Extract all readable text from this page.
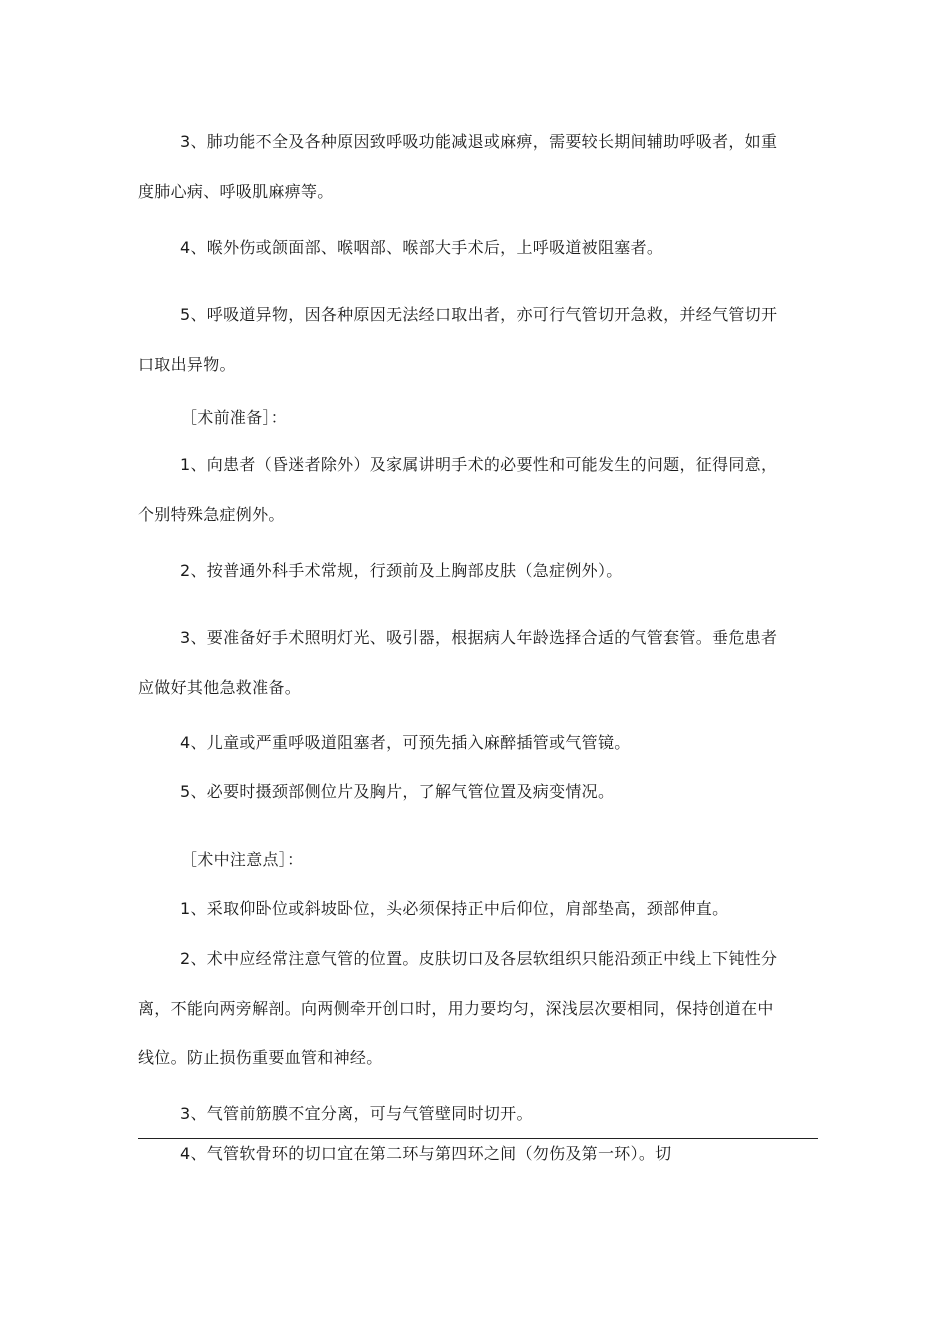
3、肺功能不全及各种原因致呼吸功能减退或麻痹，需要较长期间辅助呼吸者，如重
度肺心病、呼吸肌麻痹等。
4、喉外伤或颌面部、喉咽部、喉部大手术后，上呼吸道被阻塞者。
5、呼吸道异物，因各种原因无法经口取出者，亦可行气管切开急救，并经气管切开
口取出异物。
［术前准备］：
1、向患者（昏迷者除外）及家属讲明手术的必要性和可能发生的问题，征得同意，
个别特殊急症例外。
2、按普通外科手术常规，行颈前及上胸部皮肤（急症例外）。
3、要准备好手术照明灯光、吸引器，根据病人年龄选择合适的气管套管。垂危患者
应做好其他急救准备。
4、儿童或严重呼吸道阻塞者，可预先插入麻醉插管或气管镜。
5、必要时摄颈部侧位片及胸片，了解气管位置及病变情况。
［术中注意点］：
1、采取仰卧位或斜坡卧位，头必须保持正中后仰位，肩部垫高，颈部伸直。
2、术中应经常注意气管的位置。皮肤切口及各层软组织只能沿颈正中线上下钝性分
离，不能向两旁解剖。向两侧牵开创口时，用力要均匀，深浅层次要相同，保持创道在中
线位。防止损伤重要血管和神经。
3、气管前筋膜不宜分离，可与气管壁同时切开。
4、气管软骨环的切口宜在第二环与第四环之间（勿伤及第一环）。切
